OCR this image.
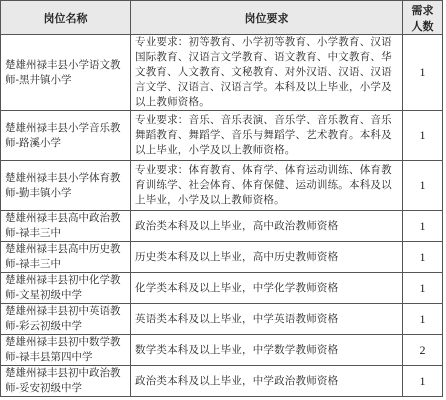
岗位名称	岗位要求	需求人数
楚雄州禄丰县小学语文教师-黑井镇小学	专业要求：初等教育、小学初等教育、小学教育、汉语国际教育、汉语言文学教育、语文教育、中文教育、华文教育、人文教育、文秘教育、对外汉语、汉语、汉语言文学、汉语言、汉语言学。本科及以上毕业，小学及以上教师资格。	1
楚雄州禄丰县小学音乐教师-路溪小学	专业要求：音乐、音乐表演、音乐学、音乐教育、音乐舞蹈教育、舞蹈学、音乐与舞蹈学、艺术教育。本科及以上毕业，小学及以上教师资格。	1
楚雄州禄丰县小学体育教师-勤丰镇小学	专业要求：体育教育、体育学、体育运动训练、体育教育训练学、社会体育、体育保健、运动训练。本科及以上毕业，小学及以上教师资格。	1
楚雄州禄丰县高中政治教师-禄丰三中	政治类本科及以上毕业，高中政治教师资格	1
楚雄州禄丰县高中历史教师-禄丰三中	历史类本科及以上毕业，高中历史教师资格	1
楚雄州禄丰县初中化学教师-文星初级中学	化学类本科及以上毕业，中学化学教师资格	1
楚雄州禄丰县初中英语教师-彩云初级中学	英语类本科及以上毕业，中学英语教师资格	1
楚雄州禄丰县初中数学教师-禄丰县第四中学	数学类本科及以上毕业，中学数学教师资格	2
楚雄州禄丰县初中政治教师-妥安初级中学	政治类本科及以上毕业，中学政治教师资格	1
